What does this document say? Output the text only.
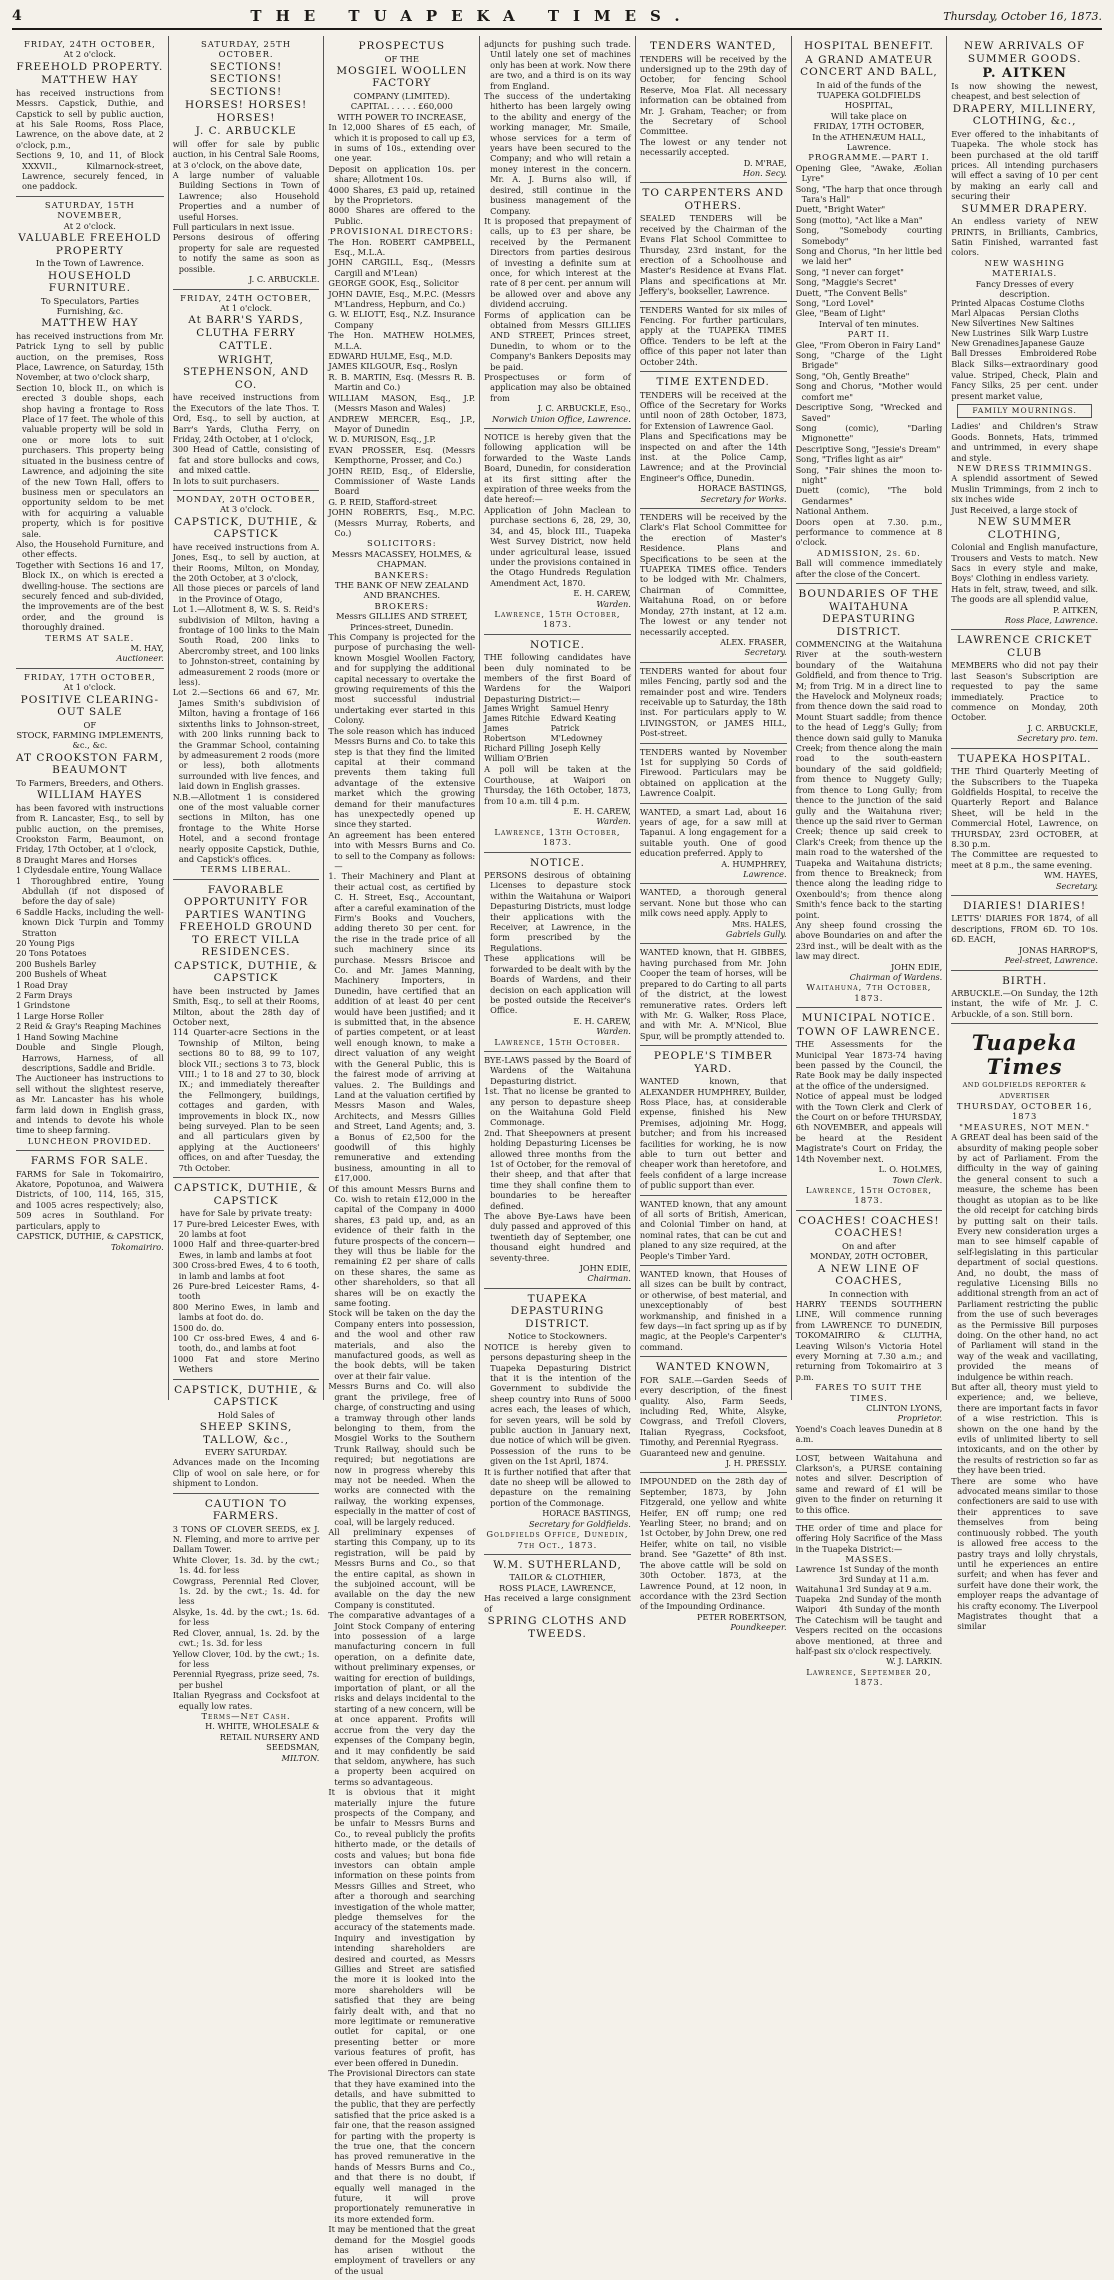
4	THE TUAPEKA TIMES.	Thursday, October 16, 1873.
FRIDAY, 24TH OCTOBER,
At 2 o'clock.
FREEHOLD PROPERTY.
MATTHEW HAY

has received instructions from Messrs. Capstick, Duthie, and Capstick to sell by public auction, at his Sale Rooms, Ross Place, Lawrence, on the above date, at 2 o'clock, p.m.,

Sections 9, 10, and 11, of Block XXXVII., Kilmarnock-street, Lawrence, securely fenced, in one paddock.
SATURDAY, 15TH NOVEMBER,
At 2 o'clock.
VALUABLE FREEHOLD PROPERTY
In the Town of Lawrence.
HOUSEHOLD FURNITURE.
To Speculators, Parties Furnishing, &c.
MATTHEW HAY

has received instructions from Mr. Patrick Lyng to sell by public auction, on the premises, Ross Place, Lawrence, on Saturday, 15th November, at two o'clock sharp,

Section 10, block II., on which is erected 3 double shops, each shop having a frontage to Ross Place of 17 feet. The whole of this valuable property will be sold in one or more lots to suit purchasers. This property being situated in the business centre of Lawrence, and adjoining the site of the new Town Hall, offers to business men or speculators an opportunity seldom to be met with for acquiring a valuable property, which is for positive sale.
Also, the Household Furniture, and other effects.
Together with Sections 16 and 17, Block IX., on which is erected a dwelling-house. The sections are securely fenced and sub-divided, the improvements are of the best order, and the ground is thoroughly drained.
TERMS AT SALE.
M. HAY,
Auctioneer.
FRIDAY, 17TH OCTOBER,
At 1 o'clock.
POSITIVE CLEARING-OUT SALE
OF
STOCK, FARMING IMPLEMENTS,
&c., &c.
AT CROOKSTON FARM, BEAUMONT
To Farmers, Breeders, and Others.
WILLIAM HAYES

has been favored with instructions from R. Lancaster, Esq., to sell by public auction, on the premises, Crookston Farm, Beaumont, on Friday, 17th October, at 1 o'clock,

8 Draught Mares and Horses
1 Clydesdale entire, Young Wallace
1 Thoroughbred entire, Young Abdullah (if not disposed of before the day of sale)
6 Saddle Hacks, including the well-known Dick Turpin and Tommy Stratton
20 Young Pigs
20 Tons Potatoes
200 Bushels Barley
200 Bushels of Wheat
1 Road Dray
2 Farm Drays
1 Grindstone
1 Large Horse Roller
2 Reid & Gray's Reaping Machines
1 Hand Sowing Machine
Double and Single Plough, Harrows, Harness, of all descriptions, Saddle and Bridle.

The Auctioneer has instructions to sell without the slightest reserve, as Mr. Lancaster has his whole farm laid down in English grass, and intends to devote his whole time to sheep farming.

LUNCHEON PROVIDED.
FARMS FOR SALE.

FARMS for Sale in Tokomairiro, Akatore, Popotunoa, and Waiwera Districts, of 100, 114, 165, 315, and 1005 acres respectively; also, 509 acres in Southland. For particulars, apply to

CAPSTICK, DUTHIE, & CAPSTICK,
Tokomairiro.
SATURDAY, 25TH OCTOBER.
SECTIONS! SECTIONS! SECTIONS!
HORSES! HORSES! HORSES!
J. C. ARBUCKLE

will offer for sale by public auction, in his Central Sale Rooms, at 3 o'clock, on the above date,

A large number of valuable Building Sections in Town of Lawrence; also Household Properties and a number of useful Horses.
Full particulars in next issue.
Persons desirous of offering property for sale are requested to notify the same as soon as possible.
J. C. ARBUCKLE.
FRIDAY, 24TH OCTOBER,
At 1 o'clock.
At BARR'S YARDS, CLUTHA FERRY
CATTLE.
WRIGHT, STEPHENSON, AND CO.

have received instructions from the Executors of the late Thos. T. Ord, Esq., to sell by auction, at Barr's Yards, Clutha Ferry, on Friday, 24th October, at 1 o'clock,

300 Head of Cattle, consisting of fat and store bullocks and cows, and mixed cattle.
In lots to suit purchasers.
MONDAY, 20TH OCTOBER,
At 3 o'clock.
CAPSTICK, DUTHIE, & CAPSTICK

have received instructions from A. Jones, Esq., to sell by auction, at their Rooms, Milton, on Monday, the 20th October, at 3 o'clock,

All those pieces or parcels of land in the Province of Otago,
Lot 1.—Allotment 8, W. S. S. Reid's subdivision of Milton, having a frontage of 100 links to the Main South Road, 200 links to Abercromby street, and 100 links to Johnston-street, containing by admeasurement 2 roods (more or less).
Lot 2.—Sections 66 and 67, Mr. James Smith's subdivision of Milton, having a frontage of 166 sixtenths links to Johnson-street, with 200 links running back to the Grammar School, containing by admeasurement 2 roods (more or less), both allotments surrounded with live fences, and laid down in English grasses.
N.B.—Allotment 1 is considered one of the most valuable corner sections in Milton, has one frontage to the White Horse Hotel, and a second frontage nearly opposite Capstick, Duthie, and Capstick's offices.
TERMS LIBERAL.
FAVORABLE OPPORTUNITY FOR PARTIES WANTING FREEHOLD GROUND TO ERECT VILLA RESIDENCES.
CAPSTICK, DUTHIE, & CAPSTICK

have been instructed by James Smith, Esq., to sell at their Rooms, Milton, about the 28th day of October next,

114 Quarter-acre Sections in the Township of Milton, being sections 80 to 88, 99 to 107, block VII.; sections 3 to 73, block VIII.; 1 to 18 and 27 to 30, block IX.; and immediately thereafter the Fellmongery, buildings, cottages and garden, with improvements in block IX., now being surveyed. Plan to be seen and all particulars given by applying at the Auctioneers' offices, on and after Tuesday, the 7th October.
CAPSTICK, DUTHIE, & CAPSTICK
have for Sale by private treaty:
17 Pure-bred Leicester Ewes, with 20 lambs at foot
1000 Half and three-quarter-bred Ewes, in lamb and lambs at foot
300 Cross-bred Ewes, 4 to 6 tooth, in lamb and lambs at foot
26 Pure-bred Leicester Rams, 4-tooth
800 Merino Ewes, in lamb and lambs at foot do. do.
1500 do. do.
100 Cr oss-bred Ewes, 4 and 6-tooth, do., and lambs at foot
1000 Fat and store Merino Wethers
CAPSTICK, DUTHIE, & CAPSTICK
Hold Sales of
SHEEP SKINS, TALLOW, &c.,
EVERY SATURDAY.

Advances made on the Incoming Clip of wool on sale here, or for shipment to London.

CAUTION TO FARMERS.

3 TONS OF CLOVER SEEDS, ex J. N. Fleming, and more to arrive per Dallam Tower.

White Clover, 1s. 3d. by the cwt.; 1s. 4d. for less
Cowgrass, Perennial Red Clover, 1s. 2d. by the cwt.; 1s. 4d. for less
Alsyke, 1s. 4d. by the cwt.; 1s. 6d. for less
Red Clover, annual, 1s. 2d. by the cwt.; 1s. 3d. for less
Yellow Clover, 10d. by the cwt.; 1s. for less
Perennial Ryegrass, prize seed, 7s. per bushel
Italian Ryegrass and Cocksfoot at equally low rates.
Terms—Net Cash.
H. WHITE, WHOLESALE & RETAIL NURSERY AND SEEDSMAN,
MILTON.
PROSPECTUS
OF THE
MOSGIEL WOOLLEN FACTORY
COMPANY (LIMITED).
CAPITAL . . . . . £60,000
WITH POWER TO INCREASE,
In 12,000 Shares of £5 each, of which it is proposed to call up £3, in sums of 10s., extending over one year.
Deposit on application 10s. per share; Allotment 10s.
4000 Shares, £3 paid up, retained by the Proprietors.
8000 Shares are offered to the Public.
PROVISIONAL DIRECTORS:
The Hon. ROBERT CAMPBELL, Esq., M.L.A.
JOHN CARGILL, Esq., (Messrs Cargill and M'Lean)
GEORGE GOOK, Esq., Solicitor
JOHN DAVIE, Esq., M.P.C. (Messrs M'Landress, Hepburn, and Co.)
G. W. ELIOTT, Esq., N.Z. Insurance Company
The Hon. MATHEW HOLMES, M.L.A.
EDWARD HULME, Esq., M.D.
JAMES KILGOUR, Esq., Roslyn
R. B. MARTIN, Esq. (Messrs R. B. Martin and Co.)
WILLIAM MASON, Esq., J.P. (Messrs Mason and Wales)
ANDREW MERCER, Esq., J.P., Mayor of Dunedin
W. D. MURISON, Esq., J.P.
EVAN PROSSER, Esq. (Messrs Kempthorne, Prosser, and Co.)
JOHN REID, Esq., of Elderslie, Commissioner of Waste Lands Board
G. P. REID, Stafford-street
JOHN ROBERTS, Esq., M.P.C. (Messrs Murray, Roberts, and Co.)
SOLICITORS:
Messrs MACASSEY, HOLMES, & CHAPMAN.
BANKERS:
THE BANK OF NEW ZEALAND AND BRANCHES.
BROKERS:
Messrs GILLIES AND STREET, Princes-street, Dunedin.
This Company is projected for the purpose of purchasing the well-known Mosgiel Woollen Factory, and for supplying the additional capital necessary to overtake the growing requirements of this the most successful industrial undertaking ever started in this Colony.
The sole reason which has induced Messrs Burns and Co. to take this step is that they find the limited capital at their command prevents them taking full advantage of the extensive market which the growing demand for their manufactures has unexpectedly opened up since they started.
An agreement has been entered into with Messrs Burns and Co. to sell to the Company as follows:—
1. Their Machinery and Plant at their actual cost, as certified by C. H. Street, Esq., Accountant, after a careful examination of the Firm's Books and Vouchers, adding thereto 30 per cent. for the rise in the trade price of all such machinery since its purchase. Messrs Briscoe and Co. and Mr. James Manning, Machinery Importers, in Dunedin, have certified that an addition of at least 40 per cent would have been justified; and it is submitted that, in the absence of parties competent, or at least well enough known, to make a direct valuation of any weight with the General Public, this is the fairest mode of arriving at values. 2. The Buildings and Land at the valuation certified by Messrs Mason and Wales, Architects, and Messrs Gillies and Street, Land Agents; and, 3. a Bonus of £2,500 for the goodwill of this highly remunerative and extending business, amounting in all to £17,000.
Of this amount Messrs Burns and Co. wish to retain £12,000 in the capital of the Company in 4000 shares, £3 paid up, and, as an evidence of their faith in the future prospects of the concern—they will thus be liable for the remaining £2 per share of calls on these shares, the same as other shareholders, so that all shares will be on exactly the same footing.
Stock will be taken on the day the Company enters into possession, and the wool and other raw materials, and also the manufactured goods, as well as the book debts, will be taken over at their fair value.
Messrs Burns and Co. will also grant the privilege, free of charge, of constructing and using a tramway through other lands belonging to them, from the Mosgiel Works to the Southern Trunk Railway, should such be required; but negotiations are now in progress whereby this may not be needed. When the works are connected with the railway, the working expenses, especially in the matter of cost of coal, will be largely reduced.
All preliminary expenses of starting this Company, up to its registration, will be paid by Messrs Burns and Co., so that the entire capital, as shown in the subjoined account, will be available on the day the new Company is constituted.
The comparative advantages of a Joint Stock Company of entering into possession of a large manufacturing concern in full operation, on a definite date, without preliminary expenses, or waiting for erection of buildings, importation of plant, or all the risks and delays incidental to the starting of a new concern, will be at once apparent. Profits will accrue from the very day the expenses of the Company begin, and it may confidently be said that seldom, anywhere, has such a property been acquired on terms so advantageous.
It is obvious that it might materially injure the future prospects of the Company, and be unfair to Messrs Burns and Co., to reveal publicly the profits hitherto made, or the details of costs and values; but bona fide investors can obtain ample information on these points from Messrs Gillies and Street, who after a thorough and searching investigation of the whole matter, pledge themselves for the accuracy of the statements made. Inquiry and investigation by intending shareholders are desired and courted, as Messrs Gillies and Street are satisfied the more it is looked into the more shareholders will be satisfied that they are being fairly dealt with, and that no more legitimate or remunerative outlet for capital, or one presenting better or more various features of profit, has ever been offered in Dunedin.
The Provisional Directors can state that they have examined into the details, and have submitted to the public, that they are perfectly satisfied that the price asked is a fair one, that the reason assigned for parting with the property is the true one, that the concern has proved remunerative in the hands of Messrs Burns and Co., and that there is no doubt, if equally well managed in the future, it will prove proportionately remunerative in its more extended form.
It may be mentioned that the great demand for the Mosgiel goods has arisen without the employment of travellers or any of the usual
adjuncts for pushing such trade. Until lately one set of machines only has been at work. Now there are two, and a third is on its way from England.
The success of the undertaking hitherto has been largely owing to the ability and energy of the working manager, Mr. Smaile, whose services for a term of years have been secured to the Company; and who will retain a money interest in the concern. Mr. A. J. Burns also will, if desired, still continue in the business management of the Company.
It is proposed that prepayment of calls, up to £3 per share, be received by the Permanent Directors from parties desirous of investing a definite sum at once, for which interest at the rate of 8 per cent. per annum will be allowed over and above any dividend accruing.
Forms of application can be obtained from Messrs GILLIES AND STREET, Princes street, Dunedin, to whom or to the Company's Bankers Deposits may be paid.
Prospectuses or form of application may also be obtained from
J. C. ARBUCKLE, Esq.,
Norwich Union Office, Lawrence.

NOTICE is hereby given that the following application will be forwarded to the Waste Lands Board, Dunedin, for consideration at its first sitting after the expiration of three weeks from the date hereof:—

Application of John Maclean to purchase sections 6, 28, 29, 30, 34, and 45, block III., Tuapeka West Survey District, now held under agricultural lease, issued under the provisions contained in the Otago Hundreds Regulation Amendment Act, 1870.
E. H. CAREW,
Warden.
Lawrence, 15th October, 1873.
NOTICE.

THE following candidates have been duly nominated to be members of the first Board of Wardens for the Waipori Depasturing District:—

James Wright	Samuel Henry
James Ritchie	Edward Keating
James Robertson	Patrick M'Ledowney
Richard Pilling	Joseph Kelly
William O'Brien	

A poll will be taken at the Courthouse, at Waipori on Thursday, the 16th October, 1873, from 10 a.m. till 4 p.m.

E. H. CAREW,
Warden.
Lawrence, 13th October, 1873.
NOTICE.
PERSONS desirous of obtaining Licenses to depasture stock within the Waitahuna or Waipori Depasturing Districts, must lodge their applications with the Receiver, at Lawrence, in the form prescribed by the Regulations.
These applications will be forwarded to be dealt with by the Boards of Wardens, and their decision on each application will be posted outside the Receiver's Office.
E. H. CAREW,
Warden.
Lawrence, 15th October.
BYE-LAWS passed by the Board of Wardens of the Waitahuna Depasturing district.
1st. That no license be granted to any person to depasture sheep on the Waitahuna Gold Field Commonage.
2nd. That Sheepowners at present holding Depasturing Licenses be allowed three months from the 1st of October, for the removal of their sheep, and that after that time they shall confine them to boundaries to be hereafter defined.
The above Bye-Laws have been duly passed and approved of this twentieth day of September, one thousand eight hundred and seventy-three.
JOHN EDIE,
Chairman.
TUAPEKA DEPASTURING DISTRICT.
Notice to Stockowners.
NOTICE is hereby given to persons depasturing sheep in the Tuapeka Depasturing District that it is the intention of the Government to subdivide the sheep country into Runs of 5000 acres each, the leases of which, for seven years, will be sold by public auction in January next, due notice of which will be given. Possession of the runs to be given on the 1st April, 1874.
It is further notified that after that date no sheep will be allowed to depasture on the remaining portion of the Commonage.
HORACE BASTINGS,
Secretary for Goldfields.
Goldfields Office, Dunedin, 7th Oct., 1873.
W.M. SUTHERLAND,
TAILOR & CLOTHIER,
ROSS PLACE, LAWRENCE,

Has received a large consignment of

SPRING CLOTHS AND TWEEDS.
TENDERS WANTED,

TENDERS will be received by the undersigned up to the 29th day of October, for fencing School Reserve, Moa Flat. All necessary information can be obtained from Mr. J. Graham, Teacher; or from the Secretary of School Committee.

The lowest or any tender not necessarily accepted.

D. M'RAE,
Hon. Secy.
TO CARPENTERS AND OTHERS.

SEALED TENDERS will be received by the Chairman of the Evans Flat School Committee to Thursday, 23rd instant, for the erection of a Schoolhouse and Master's Residence at Evans Flat. Plans and specifications at Mr. Jeffery's, bookseller, Lawrence.

TENDERS Wanted for six miles of Fencing. For further particulars, apply at the TUAPEKA TIMES Office. Tenders to be left at the office of this paper not later than October 24th.

TIME EXTENDED.

TENDERS will be received at the Office of the Secretary for Works until noon of 28th October, 1873, for Extension of Lawrence Gaol.

Plans and Specifications may be inspected on and after the 14th inst. at the Police Camp, Lawrence; and at the Provincial Engineer's Office, Dunedin.

HORACE BASTINGS,
Secretary for Works.

TENDERS will be received by the Clark's Flat School Committee for the erection of Master's Residence. Plans and Specifications to be seen at the TUAPEKA TIMES office. Tenders to be lodged with Mr. Chalmers, Chairman of Committee, Waitahuna Road, on or before Monday, 27th instant, at 12 a.m. The lowest or any tender not necessarily accepted.

ALEX. FRASER,
Secretary.

TENDERS wanted for about four miles Fencing, partly sod and the remainder post and wire. Tenders receivable up to Saturday, the 18th inst. For particulars apply to W. LIVINGSTON, or JAMES HILL, Post-street.

TENDERS wanted by November 1st for supplying 50 Cords of Firewood. Particulars may be obtained on application at the Lawrence Coalpit.

WANTED, a smart Lad, about 16 years of age, for a saw mill at Tapanui. A long engagement for a suitable youth. One of good education preferred. Apply to

A. HUMPHREY,
Lawrence.

WANTED, a thorough general servant. None but those who can milk cows need apply. Apply to

Mrs. HALES,
Gabriels Gully.

WANTED known, that H. GIBBES, having purchased from Mr. John Cooper the team of horses, will be prepared to do Carting to all parts of the district, at the lowest remunerative rates. Orders left with Mr. G. Walker, Ross Place, and with Mr. A. M'Nicol, Blue Spur, will be promptly attended to.

PEOPLE'S TIMBER YARD.

WANTED known, that ALEXANDER HUMPHREY, Builder, Ross Place, has, at considerable expense, finished his New Premises, adjoining Mr. Hogg, butcher; and from his increased facilities for working, he is now able to turn out better and cheaper work than heretofore, and feels confident of a large increase of public support than ever.

WANTED known, that any amount of all sorts of British, American, and Colonial Timber on hand, at nominal rates, that can be cut and planed to any size required, at the People's Timber Yard.

WANTED known, that Houses of all sizes can be built by contract, or otherwise, of best material, and unexceptionably of best workmanship, and finished in a few days—in fact spring up as if by magic, at the People's Carpenter's command.

WANTED KNOWN,

FOR SALE.—Garden Seeds of every description, of the finest quality. Also, Farm Seeds, including Red, White, Alsyke, Cowgrass, and Trefoil Clovers, Italian Ryegrass, Cocksfoot, Timothy, and Perennial Ryegrass.

Guaranteed new and genuine.

J. H. PRESSLY.

IMPOUNDED on the 28th day of September, 1873, by John Fitzgerald, one yellow and white Heifer, EN off rump; one red Yearling Steer, no brand; and on 1st October, by John Drew, one red Heifer, white on tail, no visible brand. See "Gazette" of 8th inst. The above cattle will be sold on 30th October. 1873, at the Lawrence Pound, at 12 noon, in accordance with the 23rd Section of the Impounding Ordinance.

PETER ROBERTSON,
Poundkeeper.
HOSPITAL BENEFIT.
A GRAND AMATEUR CONCERT AND BALL,
In aid of the funds of the
TUAPEKA GOLDFIELDS HOSPITAL,
Will take place on
FRIDAY, 17TH OCTOBER,
In the ATHENÆUM HALL, Lawrence.
PROGRAMME.—PART I.
Opening Glee, "Awake, Æolian Lyre"
Song, "The harp that once through Tara's Hall"
Duett, "Bright Water"
Song (motto), "Act like a Man"
Song, "Somebody courting Somebody"
Song and Chorus, "In her little bed we laid her"
Song, "I never can forget"
Song, "Maggie's Secret"
Duett, "The Convent Bells"
Song, "Lord Lovel"
Glee, "Beam of Light"
Interval of ten minutes.
PART II.
Glee, "From Oberon in Fairy Land"
Song, "Charge of the Light Brigade"
Song, "Oh, Gently Breathe"
Song and Chorus, "Mother would comfort me"
Descriptive Song, "Wrecked and Saved"
Song (comic), "Darling Mignonette"
Descriptive Song, "Jessie's Dream"
Song, "Trifles light as air"
Song, "Fair shines the moon to-night"
Duett (comic), "The bold Gendarmes"
National Anthem.

Doors open at 7.30. p.m., performance to commence at 8 o'clock.

ADMISSION, 2s. 6d.

Ball will commence immediately after the close of the Concert.

BOUNDARIES OF THE WAITAHUNA DEPASTURING DISTRICT.

COMMENCING at the Waitahuna River at the south-western boundary of the Waitahuna Goldfield, and from thence to Trig. M; from Trig. M in a direct line to the Havelock and Molyneux roads; from thence down the said road to Mount Stuart saddle; from thence to the head of Legg's Gully; from thence down said gully to Manuka Creek; from thence along the main road to the south-eastern boundary of the said goldfield; from thence to Nuggety Gully; from thence to Long Gully; from thence to the junction of the said gully and the Waitahuna river; thence up the said river to German Creek; thence up said creek to Clark's Creek; from thence up the main road to the watershed of the Tuapeka and Waitahuna districts; from thence to Breakneck; from thence along the leading ridge to Oxenbould's; from thence along Smith's fence back to the starting point.

Any sheep found crossing the above Boundaries on and after the 23rd inst., will be dealt with as the law may direct.

JOHN EDIE,
Chairman of Wardens.
Waitahuna, 7th October, 1873.
MUNICIPAL NOTICE.
TOWN OF LAWRENCE.

THE Assessments for the Municipal Year 1873-74 having been passed by the Council, the Rate Book may be daily inspected at the office of the undersigned.

Notice of appeal must be lodged with the Town Clerk and Clerk of the Court on or before THURSDAY, 6th NOVEMBER, and appeals will be heard at the Resident Magistrate's Court on Friday, the 14th November next.

L. O. HOLMES,
Town Clerk.
Lawrence, 15th October, 1873.
COACHES! COACHES! COACHES!
On and after
MONDAY, 20TH OCTOBER,
A NEW LINE OF COACHES,
In connection with

HARRY TEENDS SOUTHERN LINE, Will commence running from LAWRENCE TO DUNEDIN, TOKOMAIRIRO & CLUTHA, Leaving Wilson's Victoria Hotel every Morning at 7.30 a.m.; and returning from Tokomairiro at 3 p.m.

FARES TO SUIT THE TIMES.
CLINTON LYONS,
Proprietor.

Yoend's Coach leaves Dunedin at 8 a.m.

LOST, between Waitahuna and Clarkson's, a PURSE containing notes and silver. Description of same and reward of £1 will be given to the finder on returning it to this office.

THE order of time and place for offering Holy Sacrifice of the Mass in the Tuapeka District:—

MASSES.
Lawrence	1st Sunday of the month
	3rd Sunday at 11 a.m.
Waitahuna	1 3rd Sunday at 9 a.m.
Tuapeka	2nd Sunday of the month
Waipori	4th Sunday of the month

The Catechism will be taught and Vespers recited on the occasions above mentioned, at three and half-past six o'clock respectively.

W. J. LARKIN.
Lawrence, September 20, 1873.
NEW ARRIVALS OF SUMMER GOODS.
P. AITKEN

Is now showing the newest, cheapest, and best selection of

DRAPERY, MILLINERY, CLOTHING, &c.,

Ever offered to the inhabitants of Tuapeka. The whole stock has been purchased at the old tariff prices. All intending purchasers will effect a saving of 10 per cent by making an early call and securing their

SUMMER DRAPERY.

An endless variety of NEW PRINTS, in Brilliants, Cambrics, Satin Finished, warranted fast colors.

NEW WASHING MATERIALS.
Fancy Dresses of every description.
Printed Alpacas	Costume Cloths
Marl Alpacas	Persian Cloths
New Silvertines	New Saltines
New Lustrines	Silk Warp Lustre
New Grenadines	Japanese Gauze
Ball Dresses	Embroidered Robe

Black Silks—extraordinary good value. Striped, Check, Plain and Fancy Silks, 25 per cent. under present market value,

FAMILY MOURNINGS.

Ladies' and Children's Straw Goods. Bonnets, Hats, trimmed and untrimmed, in every shape and style.

NEW DRESS TRIMMINGS.

A splendid assortment of Sewed Muslin Trimmings, from 2 inch to six inches wide

Just Received, a large stock of

NEW SUMMER CLOTHING,

Colonial and English manufacture, Trousers and Vests to match. New Sacs in every style and make, Boys' Clothing in endless variety.

Hats in felt, straw, tweed, and silk. The goods are all splendid value,

P. AITKEN,
Ross Place, Lawrence.
LAWRENCE CRICKET CLUB

MEMBERS who did not pay their last Season's Subscription are requested to pay the same immediately. Practice to commence on Monday, 20th October.

J. C. ARBUCKLE,
Secretary pro. tem.
TUAPEKA HOSPITAL.

THE Third Quarterly Meeting of the Subscribers to the Tuapeka Goldfields Hospital, to receive the Quarterly Report and Balance Sheet, will be held in the Commercial Hotel, Lawrence, on THURSDAY, 23rd OCTOBER, at 8.30 p.m.

The Committee are requested to meet at 8 p.m., the same evening.

WM. HAYES,
Secretary.
DIARIES! DIARIES!

LETTS' DIARIES FOR 1874, of all descriptions, FROM 6D. TO 10s. 6D. EACH,

JONAS HARROP'S,
Peel-street, Lawrence.
BIRTH.

ARBUCKLE.—On Sunday, the 12th instant, the wife of Mr. J. C. Arbuckle, of a son. Still born.

Tuapeka Times
AND GOLDFIELDS REPORTER & ADVERTISER
THURSDAY, OCTOBER 16, 1873
"MEASURES, NOT MEN."
A GREAT deal has been said of the absurdity of making people sober by act of Parliament. From the difficulty in the way of gaining the general consent to such a measure, the scheme has been thought as utopian as to be like the old receipt for catching birds by putting salt on their tails. Every new consideration urges a man to see himself capable of self-legislating in this particular department of social questions. And, no doubt, the mass of regulative Licensing Bills no additional strength from an act of Parliament restricting the public from the use of such beverages as the Permissive Bill purposes doing. On the other hand, no act of Parliament will stand in the way of the weak and vacillating, provided the means of indulgence be within reach.
But after all, theory must yield to experience; and, we believe, there are important facts in favor of a wise restriction. This is shown on the one hand by the evils of unlimited liberty to sell intoxicants, and on the other by the results of restriction so far as they have been tried.
There are some who have advocated means similar to those confectioners are said to use with their apprentices to save themselves from being continuously robbed. The youth is allowed free access to the pastry trays and lolly chrystals, until he experiences an entire surfeit; and when has fever and surfeit have done their work, the employer reaps the advantage of his crafty economy. The Liverpool Magistrates thought that a similar
